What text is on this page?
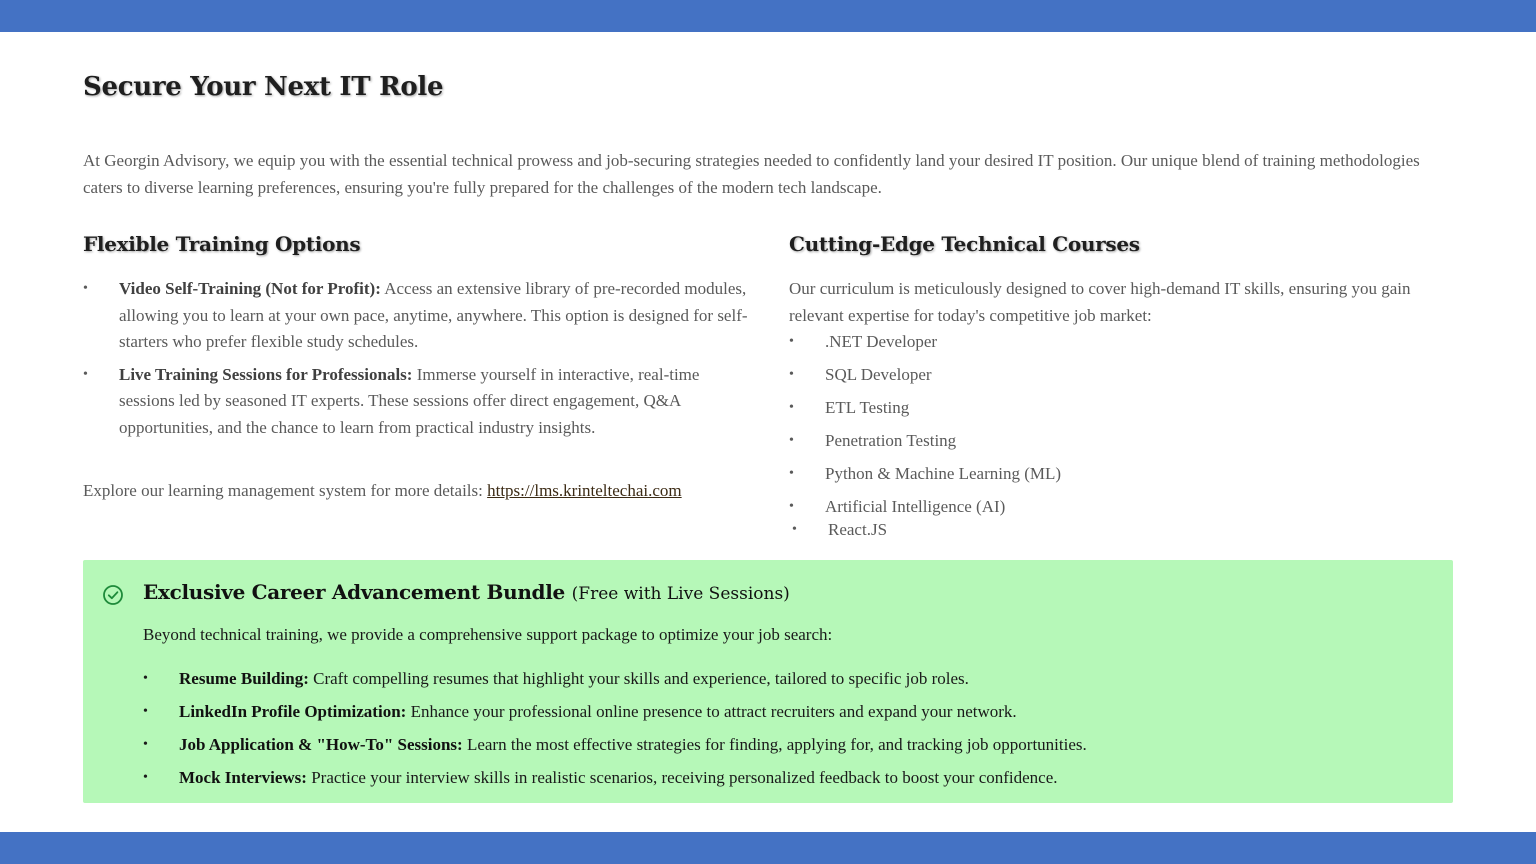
Secure Your Next IT Role

At Georgin Advisory, we equip you with the essential technical prowess and job-securing strategies needed to confidently land your desired IT position. Our unique blend of training methodologies caters to diverse learning preferences, ensuring you're fully prepared for the challenges of the modern tech landscape.

Flexible Training Options
• Video Self-Training (Not for Profit): Access an extensive library of pre-recorded modules, allowing you to learn at your own pace, anytime, anywhere. This option is designed for self-starters who prefer flexible study schedules.
• Live Training Sessions for Professionals: Immerse yourself in interactive, real-time sessions led by seasoned IT experts. These sessions offer direct engagement, Q&A opportunities, and the chance to learn from practical industry insights.

Explore our learning management system for more details: https://lms.krinteltechai.com

Cutting-Edge Technical Courses

Our curriculum is meticulously designed to cover high-demand IT skills, ensuring you gain relevant expertise for today's competitive job market:

• .NET Developer
• SQL Developer
• ETL Testing
• Penetration Testing
• Python & Machine Learning (ML)
• Artificial Intelligence (AI)
• React.JS
Exclusive Career Advancement Bundle (Free with Live Sessions)

Beyond technical training, we provide a comprehensive support package to optimize your job search:

• Resume Building: Craft compelling resumes that highlight your skills and experience, tailored to specific job roles.
• LinkedIn Profile Optimization: Enhance your professional online presence to attract recruiters and expand your network.
• Job Application & "How-To" Sessions: Learn the most effective strategies for finding, applying for, and tracking job opportunities.
• Mock Interviews: Practice your interview skills in realistic scenarios, receiving personalized feedback to boost your confidence.
